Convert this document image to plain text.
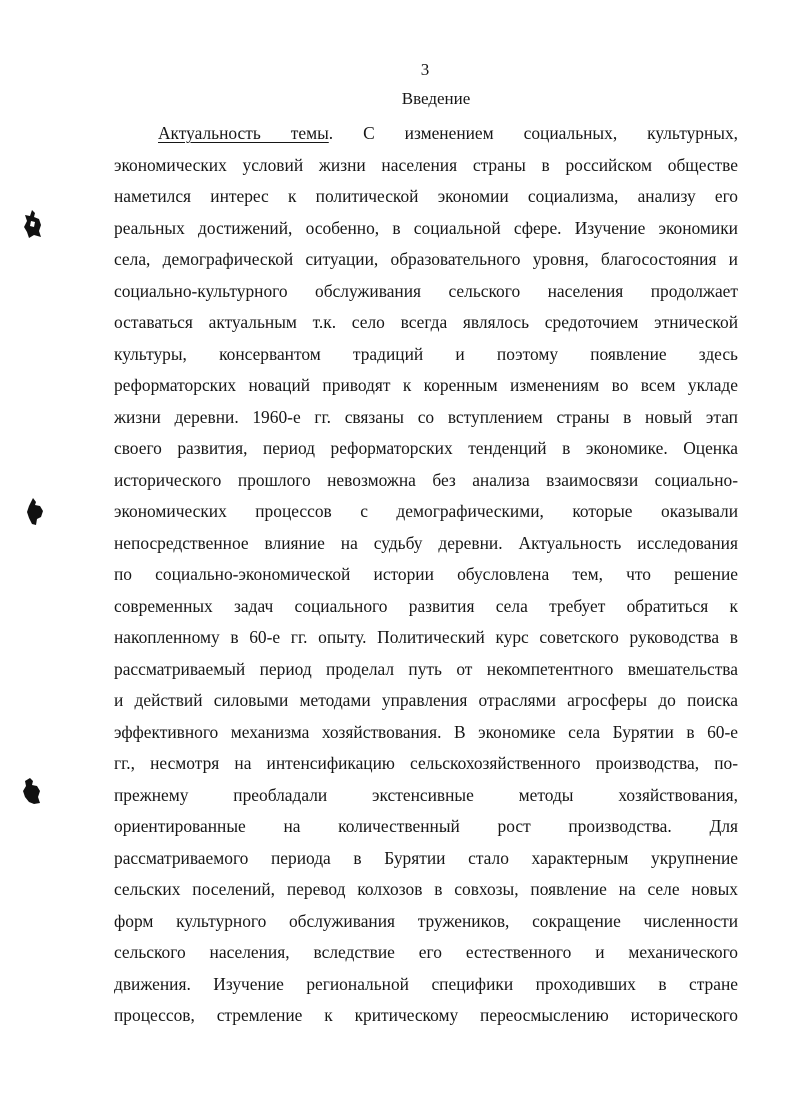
3
Введение
Актуальность темы. С изменением социальных, культурных,
экономических условий жизни населения страны в российском обществе
наметился интерес к политической экономии социализма, анализу его
реальных достижений, особенно, в социальной сфере. Изучение экономики
села, демографической ситуации, образовательного уровня, благосостояния и
социально-культурного обслуживания сельского населения продолжает
оставаться актуальным т.к. село всегда являлось средоточием этнической
культуры, консервантом традиций и поэтому появление здесь
реформаторских новаций приводят к коренным изменениям во всем укладе
жизни деревни. 1960-е гг. связаны со вступлением страны в новый этап
своего развития, период реформаторских тенденций в экономике. Оценка
исторического прошлого невозможна без анализа взаимосвязи социально-
экономических процессов с демографическими, которые оказывали
непосредственное влияние на судьбу деревни. Актуальность исследования
по социально-экономической истории обусловлена тем, что решение
современных задач социального развития села требует обратиться к
накопленному в 60-е гг. опыту. Политический курс советского руководства в
рассматриваемый период проделал путь от некомпетентного вмешательства
и действий силовыми методами управления отраслями агросферы до поиска
эффективного механизма хозяйствования. В экономике села Бурятии в 60-е
гг., несмотря на интенсификацию сельскохозяйственного производства, по-
прежнему преобладали экстенсивные методы хозяйствования,
ориентированные на количественный рост производства. Для
рассматриваемого периода в Бурятии стало характерным укрупнение
сельских поселений, перевод колхозов в совхозы, появление на селе новых
форм культурного обслуживания тружеников, сокращение численности
сельского населения, вследствие его естественного и механического
движения. Изучение региональной специфики проходивших в стране
процессов, стремление к критическому переосмыслению исторического
